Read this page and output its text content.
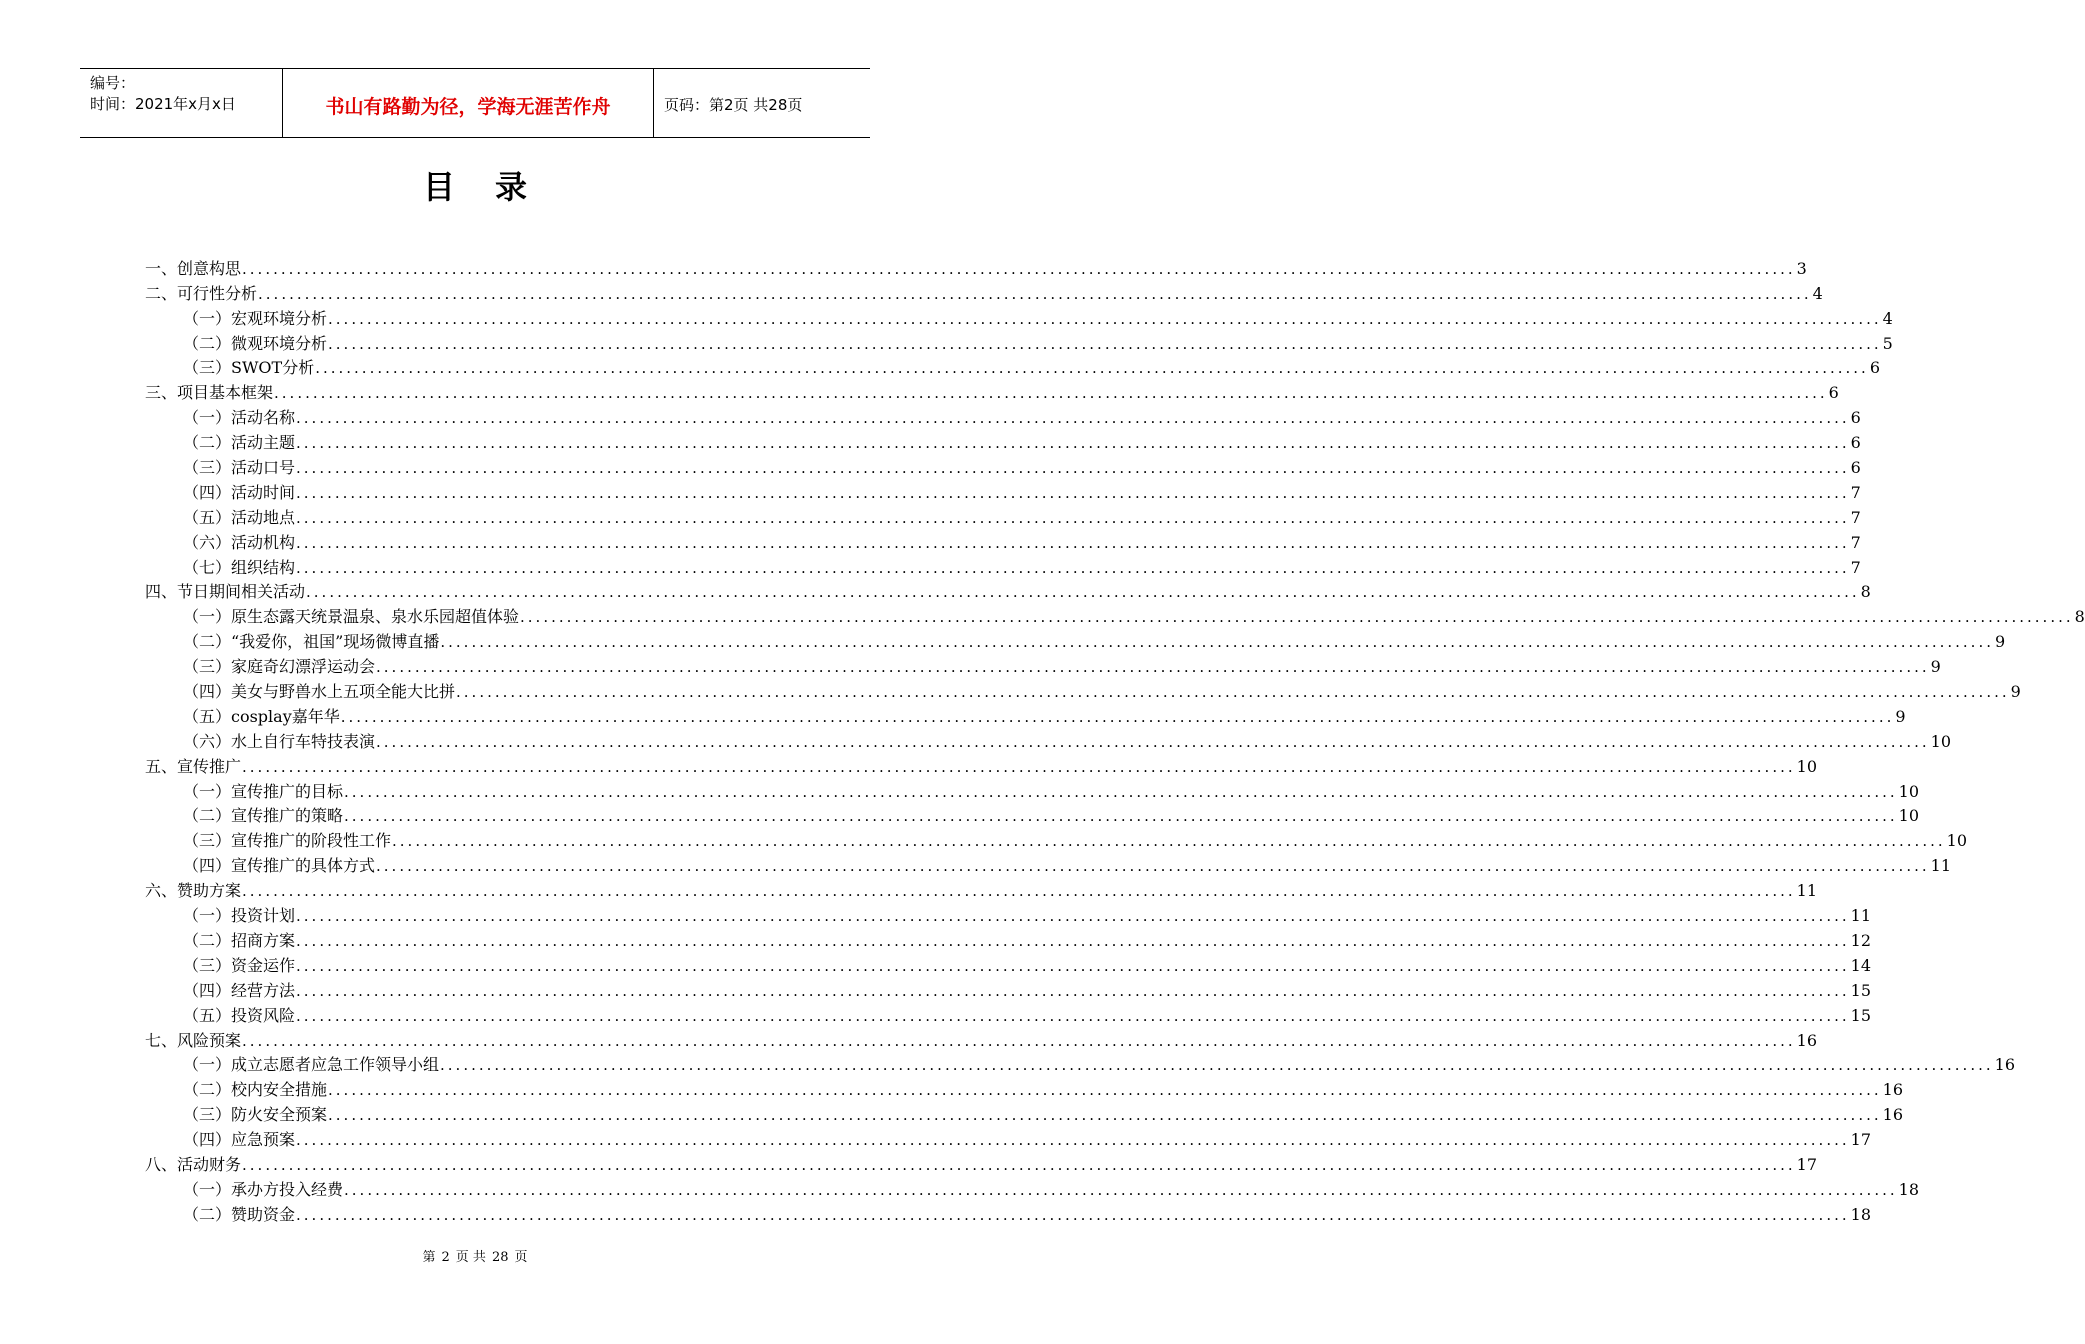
编号：
时间：2021年x月x日	书山有路勤为径，学海无涯苦作舟	页码：第2页 共28页
目录
一、创意构思 ........................................................................................................................................................................................................ 3
二、可行性分析 ........................................................................................................................................................................................................ 4
（一）宏观环境分析 ........................................................................................................................................................................................................ 4
（二）微观环境分析 ........................................................................................................................................................................................................ 5
（三）SWOT分析 ........................................................................................................................................................................................................ 6
三、项目基本框架 ........................................................................................................................................................................................................ 6
（一）活动名称 ........................................................................................................................................................................................................ 6
（二）活动主题 ........................................................................................................................................................................................................ 6
（三）活动口号 ........................................................................................................................................................................................................ 6
（四）活动时间 ........................................................................................................................................................................................................ 7
（五）活动地点 ........................................................................................................................................................................................................ 7
（六）活动机构 ........................................................................................................................................................................................................ 7
（七）组织结构 ........................................................................................................................................................................................................ 7
四、节日期间相关活动 ........................................................................................................................................................................................................ 8
（一）原生态露天统景温泉、泉水乐园超值体验 ........................................................................................................................................................................................................ 8
（二）“我爱你，祖国”现场微博直播 ........................................................................................................................................................................................................ 9
（三）家庭奇幻漂浮运动会 ........................................................................................................................................................................................................ 9
（四）美女与野兽水上五项全能大比拼 ........................................................................................................................................................................................................ 9
（五）cosplay嘉年华 ........................................................................................................................................................................................................ 9
（六）水上自行车特技表演 ........................................................................................................................................................................................................ 10
五、宣传推广 ........................................................................................................................................................................................................ 10
（一）宣传推广的目标 ........................................................................................................................................................................................................ 10
（二）宣传推广的策略 ........................................................................................................................................................................................................ 10
（三）宣传推广的阶段性工作 ........................................................................................................................................................................................................ 10
（四）宣传推广的具体方式 ........................................................................................................................................................................................................ 11
六、赞助方案 ........................................................................................................................................................................................................ 11
（一）投资计划 ........................................................................................................................................................................................................ 11
（二）招商方案 ........................................................................................................................................................................................................ 12
（三）资金运作 ........................................................................................................................................................................................................ 14
（四）经营方法 ........................................................................................................................................................................................................ 15
（五）投资风险 ........................................................................................................................................................................................................ 15
七、风险预案 ........................................................................................................................................................................................................ 16
（一）成立志愿者应急工作领导小组 ........................................................................................................................................................................................................ 16
（二）校内安全措施 ........................................................................................................................................................................................................ 16
（三）防火安全预案 ........................................................................................................................................................................................................ 16
（四）应急预案 ........................................................................................................................................................................................................ 17
八、活动财务 ........................................................................................................................................................................................................ 17
（一）承办方投入经费 ........................................................................................................................................................................................................ 18
（二）赞助资金 ........................................................................................................................................................................................................ 18
第 2 页 共 28 页
